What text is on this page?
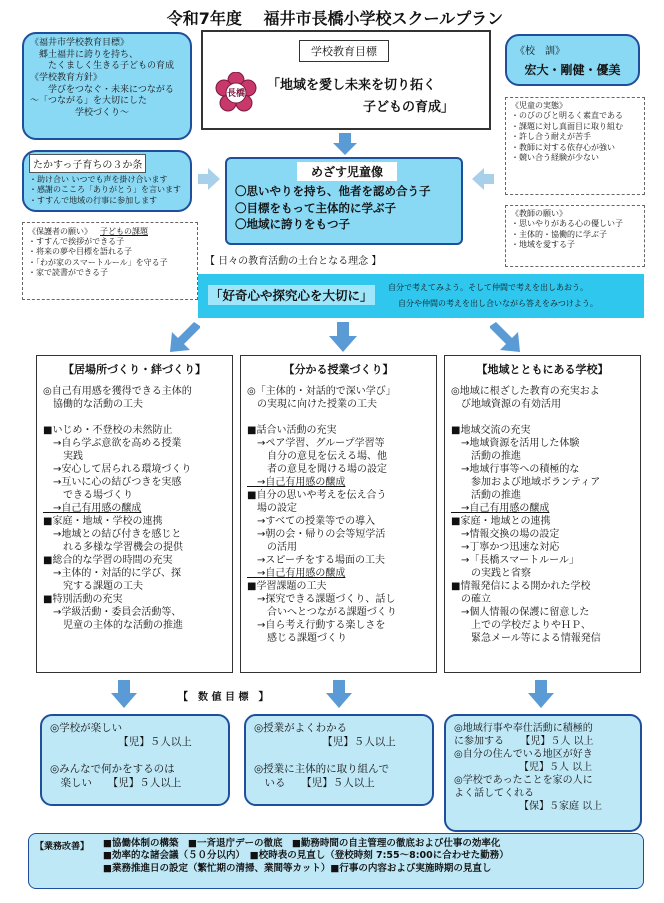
令和7年度　 福井市長橋小学校スクールプラン
《福井市学校教育目標》
　郷土福井に誇りを持ち、
　　たくましく生きる子どもの育成
《学校教育方針》
　　学びをつなぐ・未来につながる
～「つながる」を大切にした
　　　　　学校づくり～
学校教育目標
長橋
「地域を愛し未来を切り拓く
子どもの育成」
《校　訓》
宏大・剛健・優美
たかすっ子育ちの３か条
・助け合い いつでも声を掛け合います
・感謝のこころ「ありがとう」を言います
・すすんで地域の行事に参加します
めざす児童像
〇思いやりを持ち、他者を認め合う子
〇目標をもって主体的に学ぶ子
〇地域に誇りをもつ子
《児童の実態》
・のびのびと明るく素直である
・課題に対し真面目に取り組む
・許し合う耐えが苦手
・教師に対する依存心が強い
・競い合う経験が少ない
《教師の願い》
・思いやりがある心の優しい子
・主体的・協働的に学ぶ子
・地域を愛する子
《保護者の願い》 子どもの課題
・すすんで挨拶ができる子
・将来の夢や目標を語れる子
・「わが家のスマートルール」を守る子
・家で読書ができる子
【 日々の教育活動の土台となる理念 】
「好奇心や探究心を大切に」
自分で考えてみよう。そして仲間で考えを出しあおう。
自分や仲間の考えを出し合いながら答えをみつけよう。
【居場所づくり・絆づくり】
◎自己有用感を獲得できる主体的
　協働的な活動の工夫

■いじめ・不登校の未然防止
　→自ら学ぶ意欲を高める授業
　　実践
　→安心して居られる環境づくり
　→互いに心の結びつきを実感
　　できる場づくり
　→自己有用感の醸成
■家庭・地域・学校の連携
　→地域との結び付きを感じと
　　れる多様な学習機会の提供
■総合的な学習の時間の充実
　→主体的・対話的に学び、探
　　究する課題の工夫
■特別活動の充実
　→学級活動・委員会活動等、
　　児童の主体的な活動の推進
【分かる授業づくり】
◎「主体的・対話的で深い学び」
　の実現に向けた授業の工夫

■話合い活動の充実
　→ペア学習、グループ学習等
　　自分の意見を伝える場、他
　　者の意見を聞ける場の設定
　→自己有用感の醸成
■自分の思いや考えを伝え合う
　場の設定
　→すべての授業等での導入
　→朝の会・帰りの会等短学活
　　の活用
　→スピーチをする場面の工夫
　→自己有用感の醸成
■学習課題の工夫
　→探究できる課題づくり、話し
　　合いへとつながる課題づくり
　→自ら考え行動する楽しさを
　　感じる課題づくり
【地域とともにある学校】
◎地域に根ざした教育の充実およ
　び地域資源の有効活用

■地域交流の充実
　→地域資源を活用した体験
　　活動の推進
　→地域行事等への積極的な
　　参加および地域ボランティア
　　活動の推進
　→自己有用感の醸成
■家庭・地域との連携
　→情報交換の場の設定
　→丁寧かつ迅速な対応
　→「長橋スマートルール」
　　の実践と省察
■情報発信による開かれた学校
　の確立
　→個人情報の保護に留意した
　　上での学校だよりやＨＰ、
　　緊急メール等による情報発信
【　数 値 目 標　】
◎学校が楽しい
　　　　　　　【児】５人以上

◎みんなで何かをするのは
　楽しい　　【児】５人以上
◎授業がよくわかる
　　　　　　　【児】５人以上

◎授業に主体的に取り組んで
　いる　　【児】５人以上
◎地域行事や奉仕活動に積極的
に参加する　  【児】５人 以上
◎自分の住んでいる地区が好き
　　　　　　　【児】５人 以上
◎学校であったことを家の人に
よく話してくれる
　　　　　　　【保】５家庭 以上
【業務改善】 ■協働体制の構築　■一斉退庁デーの徹底　■勤務時間の自主管理の徹底および仕事の効率化
■効率的な諸会議（５０分以内）　■校時表の見直し（登校時刻 7:55～8:00に合わせた勤務）
■業務推進日の設定（繁忙期の清掃、業間等カット）■行事の内容および実施時期の見直し
